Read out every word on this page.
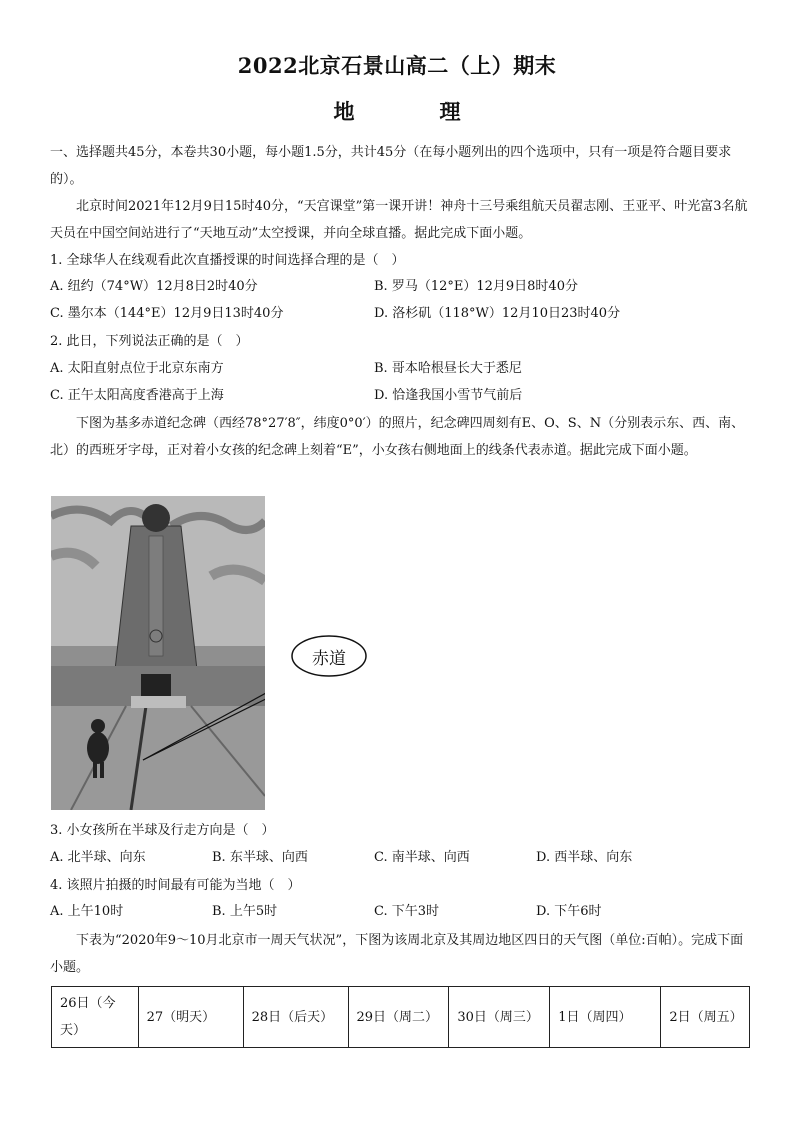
2022北京石景山高二（上）期末
地　理
一、选择题共45分，本卷共30小题，每小题1.5分，共计45分（在每小题列出的四个选项中，只有一项是符合题目要求的）。
北京时间2021年12月9日15时40分，“天宫课堂”第一课开讲！神舟十三号乘组航天员翟志刚、王亚平、叶光富3名航天员在中国空间站进行了“天地互动”太空授课，并向全球直播。据此完成下面小题。
1. 全球华人在线观看此次直播授课的时间选择合理的是（　）
A. 纽约（74°W）12月8日2时40分	B. 罗马（12°E）12月9日8时40分
C. 墨尔本（144°E）12月9日13时40分	D. 洛杉矶（118°W）12月10日23时40分
2. 此日，下列说法正确的是（　）
A. 太阳直射点位于北京东南方	B. 哥本哈根昼长大于悉尼
C. 正午太阳高度香港高于上海	D. 恰逢我国小雪节气前后
下图为基多赤道纪念碑（西经78°27′8″，纬度0°0′）的照片，纪念碑四周刻有E、O、S、N（分别表示东、西、南、北）的西班牙字母，正对着小女孩的纪念碑上刻着“E”，小女孩右侧地面上的线条代表赤道。据此完成下面小题。
赤道
3. 小女孩所在半球及行走方向是（　）
A. 北半球、向东	B. 东半球、向西	C. 南半球、向西	D. 西半球、向东
4. 该照片拍摄的时间最有可能为当地（　）
A. 上午10时	B. 上午5时	C. 下午3时	D. 下午6时
下表为“2020年9～10月北京市一周天气状况”，下图为该周北京及其周边地区四日的天气图（单位:百帕）。完成下面小题。
26日（今天）	27（明天）	28日（后天）	29日（周二）	30日（周三）	1日（周四）	2日（周五）
